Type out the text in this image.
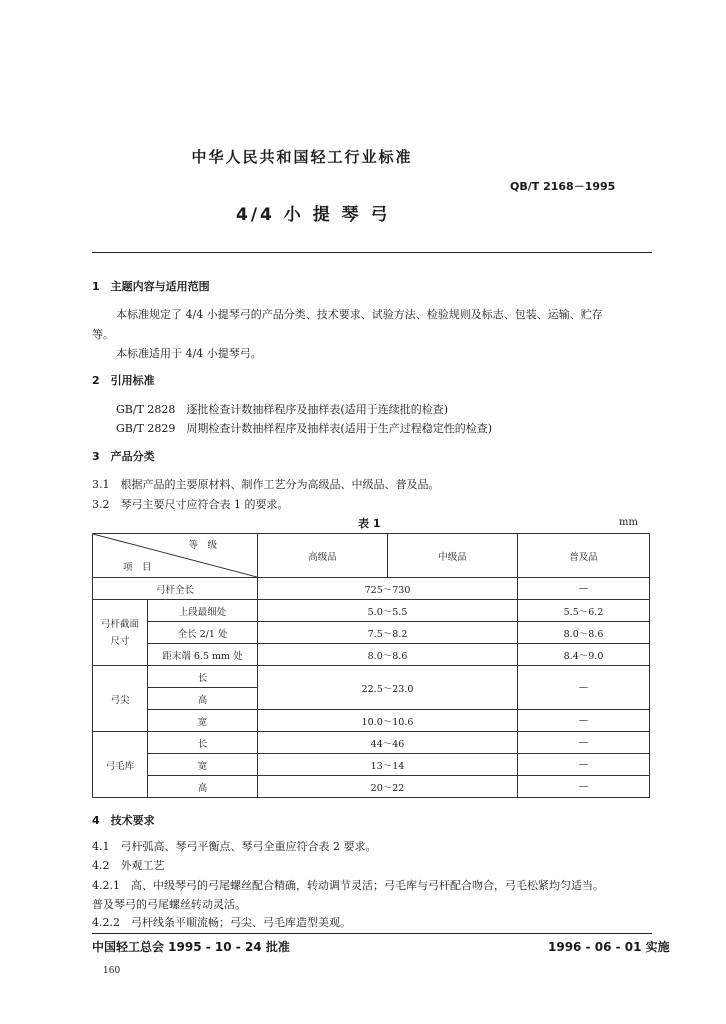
中华人民共和国轻工行业标准
QB/T 2168－1995
4/4 小 提 琴 弓
1　主题内容与适用范围
本标准规定了 4/4 小提琴弓的产品分类、技术要求、试验方法、检验规则及标志、包装、运输、贮存
等。
本标准适用于 4/4 小提琴弓。
2　引用标准
GB/T 2828　逐批检查计数抽样程序及抽样表(适用于连续批的检查)
GB/T 2829　周期检查计数抽样程序及抽样表(适用于生产过程稳定性的检查)
3　产品分类
3.1　根据产品的主要原材料、制作工艺分为高级品、中级品、普及品。
3.2　琴弓主要尺寸应符合表 1 的要求。
表 1	mm
等　级
项　目		高级品	中级品	普及品
弓杆全长		725～730		—
弓杆截面尺寸	上段最细处	5.0～5.5		5.5～6.2
	全长 2/1 处	7.5～8.2		8.0～8.6
	距末端 6.5 mm 处	8.0～8.6		8.4～9.0
弓尖	长	22.5～23.0		—
	高			
	宽	10.0～10.6		—
弓毛库	长	44～46		—
	宽	13～14		—
	高	20～22		—
4　技术要求
4.1　弓杆弧高、琴弓平衡点、琴弓全重应符合表 2 要求。
4.2　外观工艺
4.2.1　高、中级琴弓的弓尾螺丝配合精确，转动调节灵活；弓毛库与弓杆配合吻合，弓毛松紧均匀适当。
普及琴弓的弓尾螺丝转动灵活。
4.2.2　弓杆线条平顺流畅；弓尖、弓毛库造型美观。
中国轻工总会 1995 - 10 - 24 批准	1996 - 06 - 01 实施
160
